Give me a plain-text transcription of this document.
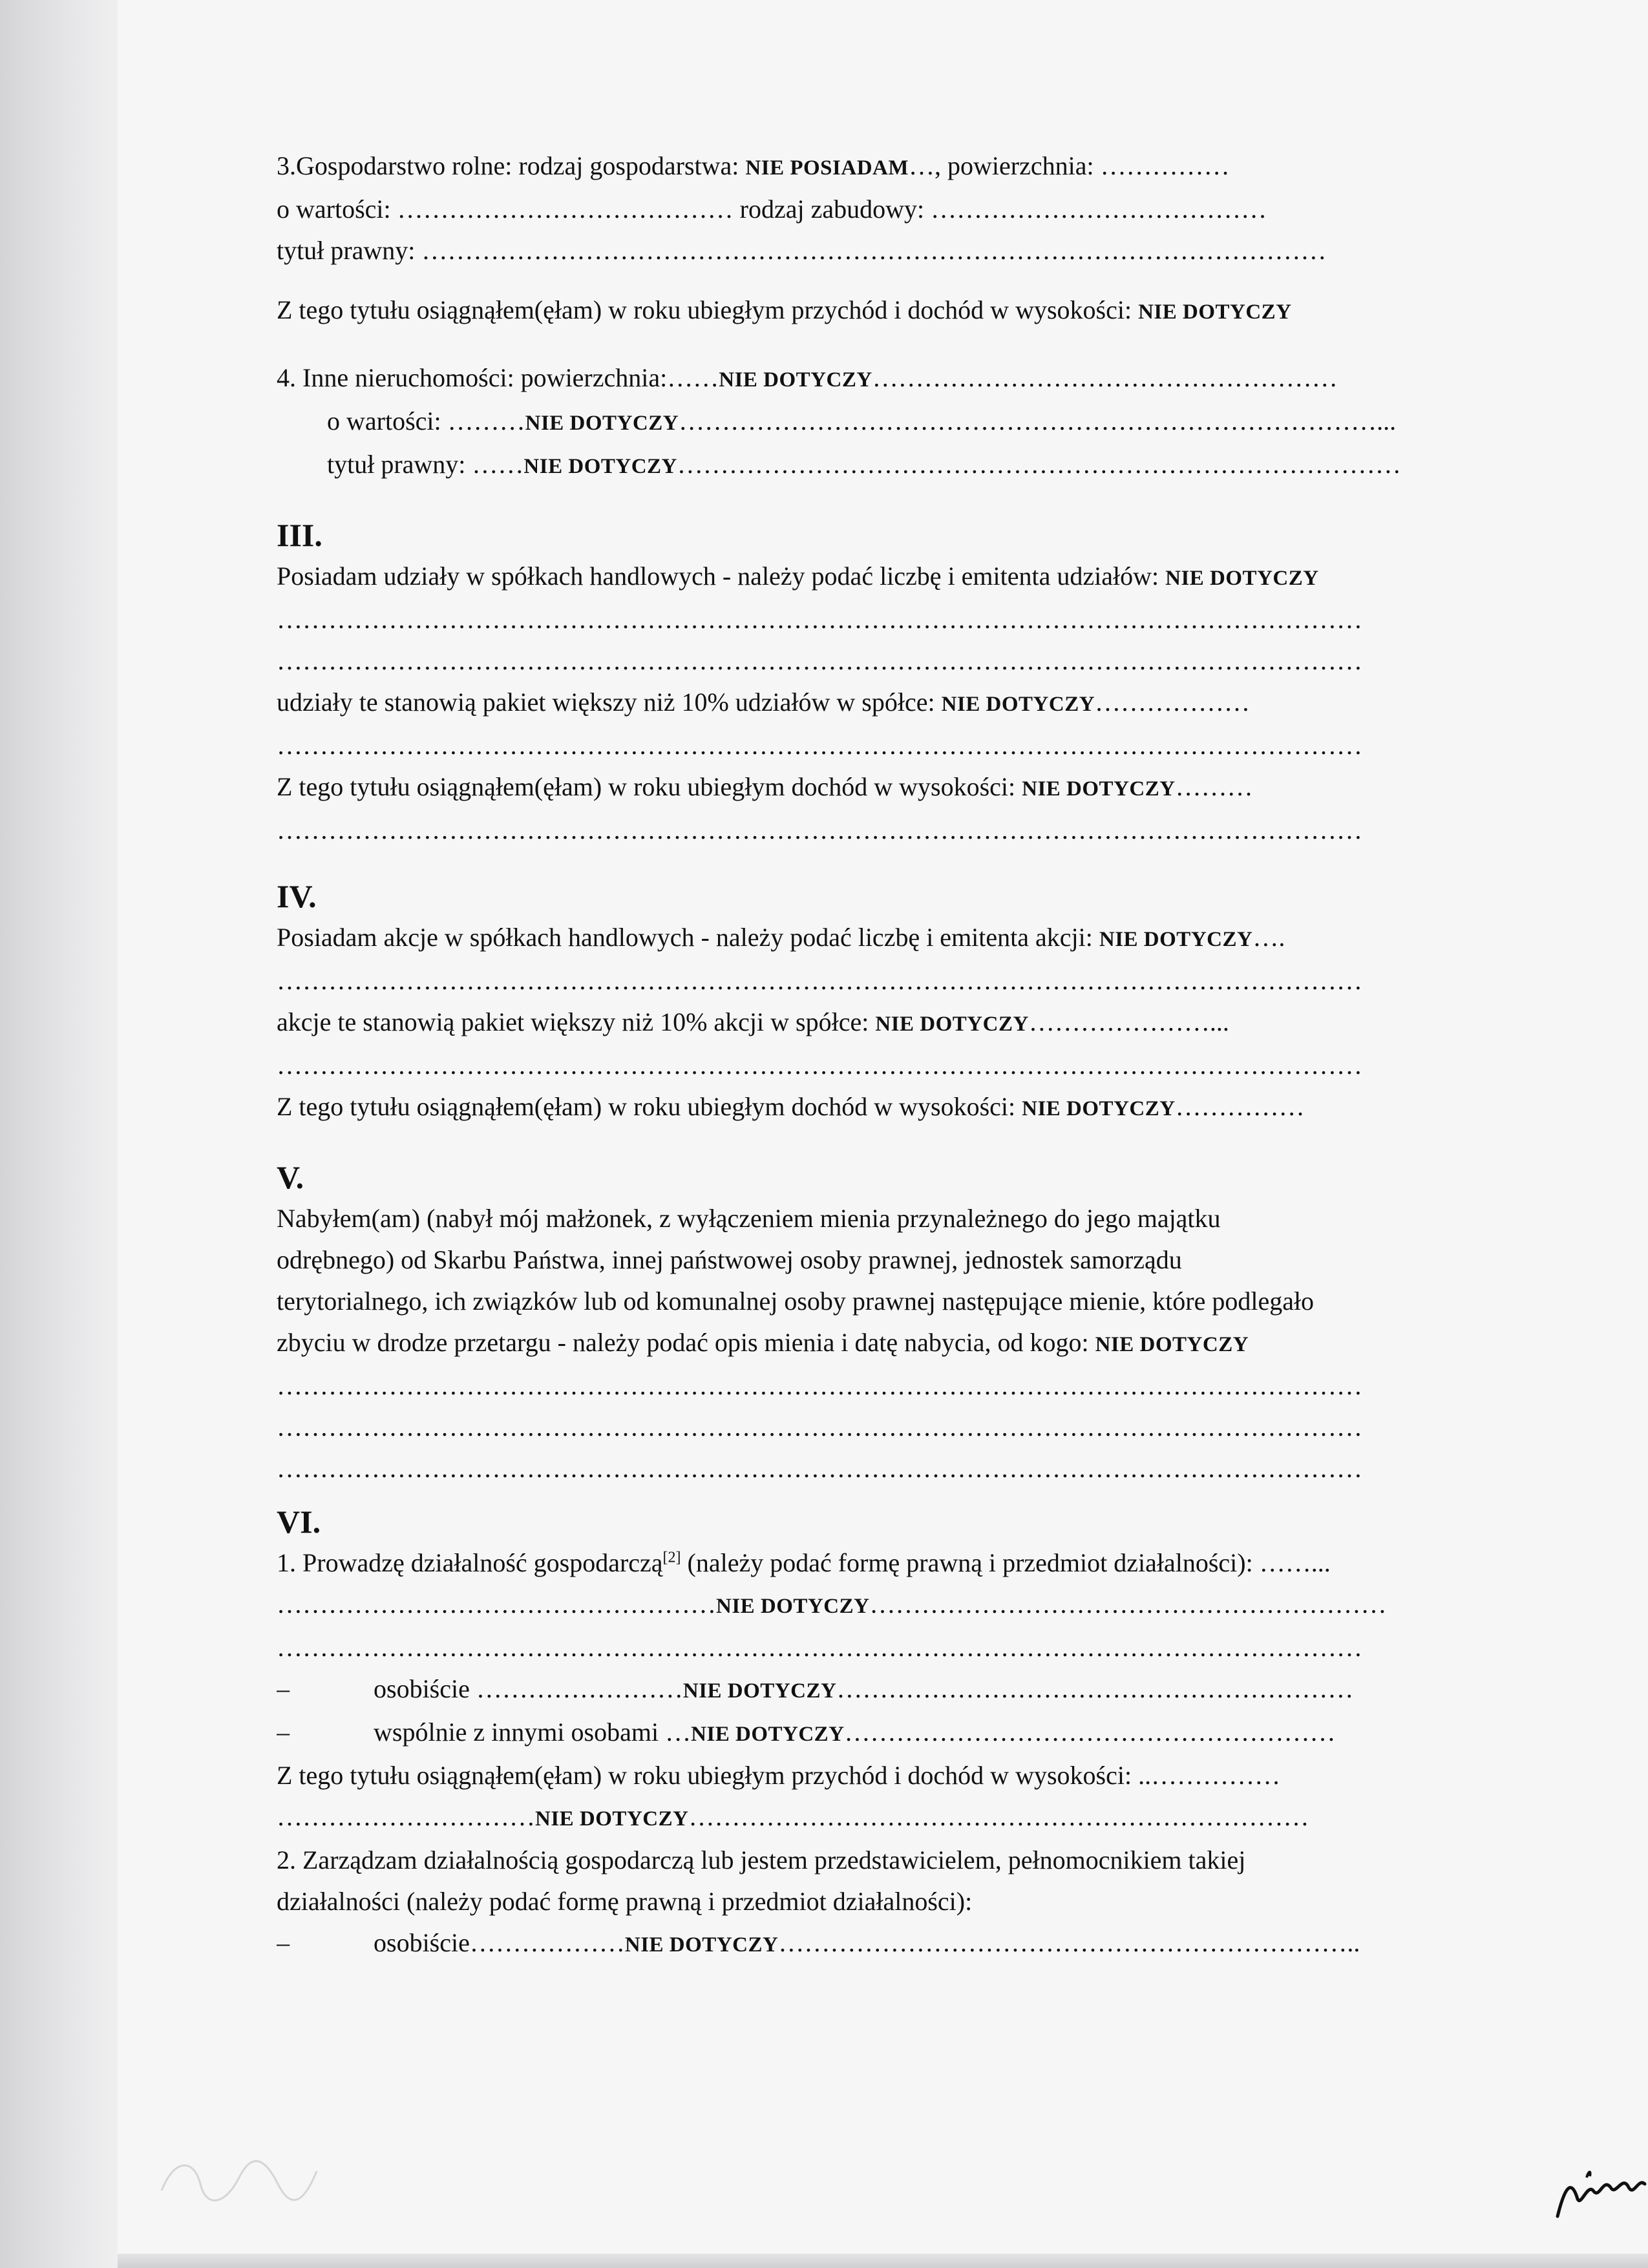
3.Gospodarstwo rolne: rodzaj gospodarstwa: NIE POSIADAM…, powierzchnia: ……………
o wartości: ………………………………… rodzaj zabudowy: …………………………………
tytuł prawny: ……………………………………………………………………………………………
Z tego tytułu osiągnąłem(ęłam) w roku ubiegłym przychód i dochód w wysokości: NIE DOTYCZY
4. Inne nieruchomości: powierzchnia:……NIE DOTYCZY………………………………………………
o wartości: ………NIE DOTYCZY………………………………………………………………………...
tytuł prawny: ……NIE DOTYCZY…………………………………………………………………………
III.
Posiadam udziały w spółkach handlowych - należy podać liczbę i emitenta udziałów: NIE DOTYCZY
………………………………………………………………………………………………………………
………………………………………………………………………………………………………………
udziały te stanowią pakiet większy niż 10% udziałów w spółce: NIE DOTYCZY………………
………………………………………………………………………………………………………………
Z tego tytułu osiągnąłem(ęłam) w roku ubiegłym dochód w wysokości: NIE DOTYCZY………
………………………………………………………………………………………………………………
IV.
Posiadam akcje w spółkach handlowych - należy podać liczbę i emitenta akcji: NIE DOTYCZY….
………………………………………………………………………………………………………………
akcje te stanowią pakiet większy niż 10% akcji w spółce: NIE DOTYCZY…………………...
………………………………………………………………………………………………………………
Z tego tytułu osiągnąłem(ęłam) w roku ubiegłym dochód w wysokości: NIE DOTYCZY……………
V.
Nabyłem(am) (nabył mój małżonek, z wyłączeniem mienia przynależnego do jego majątku
odrębnego) od Skarbu Państwa, innej państwowej osoby prawnej, jednostek samorządu
terytorialnego, ich związków lub od komunalnej osoby prawnej następujące mienie, które podlegało
zbyciu w drodze przetargu - należy podać opis mienia i datę nabycia, od kogo: NIE DOTYCZY
………………………………………………………………………………………………………………
………………………………………………………………………………………………………………
………………………………………………………………………………………………………………
VI.
1. Prowadzę działalność gospodarczą[2] (należy podać formę prawną i przedmiot działalności): ……...
……………………………………………NIE DOTYCZY……………………………………………………
………………………………………………………………………………………………………………
–	osobiście ……………………NIE DOTYCZY……………………………………………………
–	wspólnie z innymi osobami …NIE DOTYCZY…………………………………………………
Z tego tytułu osiągnąłem(ęłam) w roku ubiegłym przychód i dochód w wysokości: ..……………
…………………………NIE DOTYCZY………………………………………………………………
2. Zarządzam działalnością gospodarczą lub jestem przedstawicielem, pełnomocnikiem takiej
działalności (należy podać formę prawną i przedmiot działalności):
–	osobiście………………NIE DOTYCZY…………………………………………………………..
